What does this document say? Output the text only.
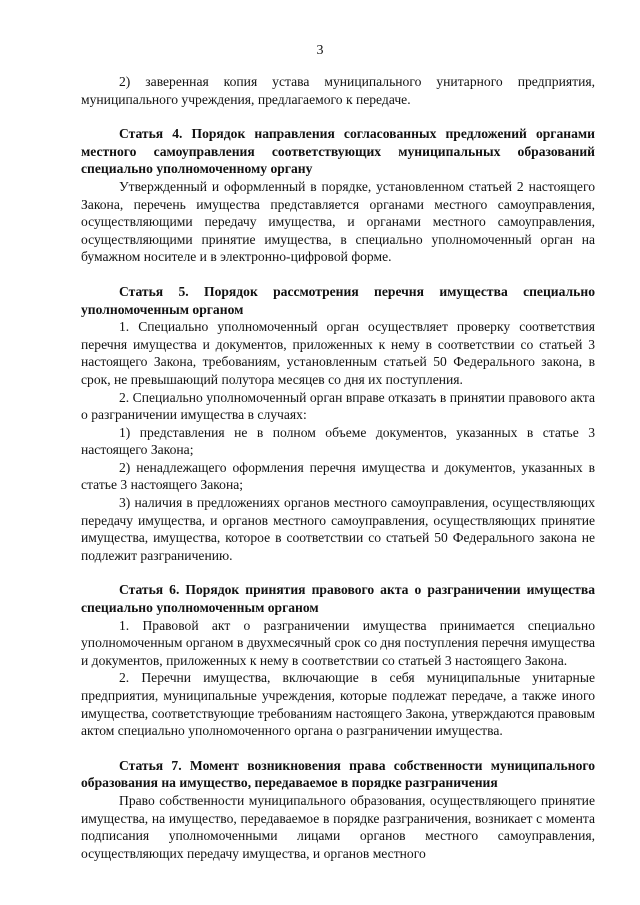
3

2) заверенная копия устава муниципального унитарного предприятия, муниципального учреждения, предлагаемого к передаче.

Статья 4. Порядок направления согласованных предложений органами местного самоуправления соответствующих муниципальных образований специально уполномоченному органу

Утвержденный и оформленный в порядке, установленном статьей 2 настоящего Закона, перечень имущества представляется органами местного самоуправления, осуществляющими передачу имущества, и органами местного самоуправления, осуществляющими принятие имущества, в специально уполномоченный орган на бумажном носителе и в электронно-цифровой форме.

Статья 5. Порядок рассмотрения перечня имущества специально уполномоченным органом

1. Специально уполномоченный орган осуществляет проверку соответствия перечня имущества и документов, приложенных к нему в соответствии со статьей 3 настоящего Закона, требованиям, установленным статьей 50 Федерального закона, в срок, не превышающий полутора месяцев со дня их поступления.

2. Специально уполномоченный орган вправе отказать в принятии правового акта о разграничении имущества в случаях:

1) представления не в полном объеме документов, указанных в статье 3 настоящего Закона;

2) ненадлежащего оформления перечня имущества и документов, указанных в статье 3 настоящего Закона;

3) наличия в предложениях органов местного самоуправления, осуществляющих передачу имущества, и органов местного самоуправления, осуществляющих принятие имущества, имущества, которое в соответствии со статьей 50 Федерального закона не подлежит разграничению.

Статья 6. Порядок принятия правового акта о разграничении имущества специально уполномоченным органом

1. Правовой акт о разграничении имущества принимается специально уполномоченным органом в двухмесячный срок со дня поступления перечня имущества и документов, приложенных к нему в соответствии со статьей 3 настоящего Закона.

2. Перечни имущества, включающие в себя муниципальные унитарные предприятия, муниципальные учреждения, которые подлежат передаче, а также иного имущества, соответствующие требованиям настоящего Закона, утверждаются правовым актом специально уполномоченного органа о разграничении имущества.

Статья 7. Момент возникновения права собственности муниципального образования на имущество, передаваемое в порядке разграничения

Право собственности муниципального образования, осуществляющего принятие имущества, на имущество, передаваемое в порядке разграничения, возникает с момента подписания уполномоченными лицами органов местного самоуправления, осуществляющих передачу имущества, и органов местного
